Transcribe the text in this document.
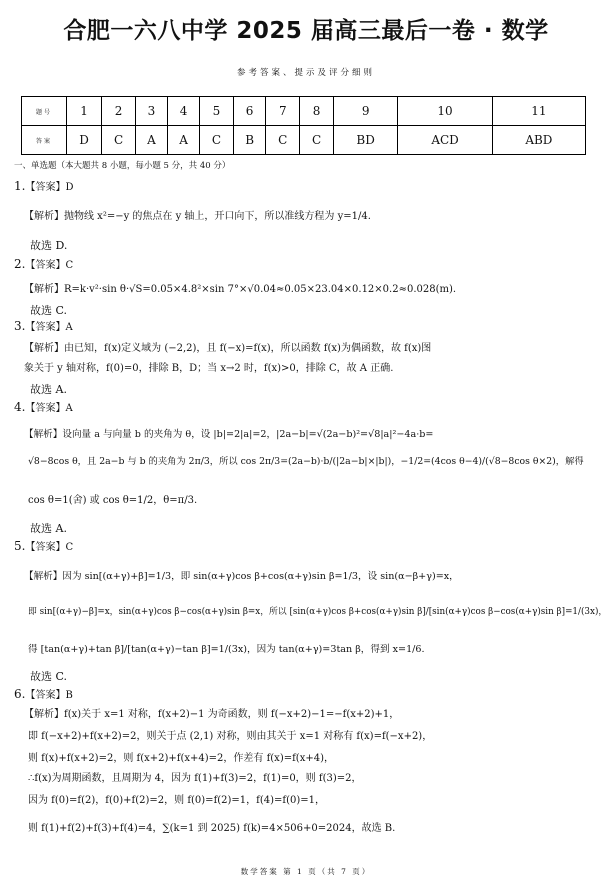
合肥一六八中学 2025 届高三最后一卷 · 数学
参考答案、提示及评分细则
题号	1	2	3	4	5	6	7	8	9	10	11
答案	D	C	A	A	C	B	C	C	BD	ACD	ABD
一、单选题（本大题共 8 小题，每小题 5 分，共 40 分）
1.【答案】D
【解析】抛物线 x²=−y 的焦点在 y 轴上，开口向下，所以准线方程为 y=1/4.
故选 D.
2.【答案】C
【解析】R=k·v²·sin θ·√S=0.05×4.8²×sin 7°×√0.04≈0.05×23.04×0.12×0.2≈0.028(m).
故选 C.
3.【答案】A
【解析】由已知，f(x)定义域为 (−2,2)，且 f(−x)=f(x)，所以函数 f(x)为偶函数，故 f(x)图
象关于 y 轴对称，f(0)=0，排除 B，D；当 x→2 时，f(x)>0，排除 C，故 A 正确.
故选 A.
4.【答案】A
【解析】设向量 a 与向量 b 的夹角为 θ，设 |b|=2|a|=2，|2a−b|=√(2a−b)²=√8|a|²−4a·b=
√8−8cos θ，且 2a−b 与 b 的夹角为 2π/3，所以 cos 2π/3=(2a−b)·b/(|2a−b|×|b|)，−1/2=(4cos θ−4)/(√8−8cos θ×2)，解得
cos θ=1(舍) 或 cos θ=1/2，θ=π/3.
故选 A.
5.【答案】C
【解析】因为 sin[(α+γ)+β]=1/3，即 sin(α+γ)cos β+cos(α+γ)sin β=1/3，设 sin(α−β+γ)=x，
即 sin[(α+γ)−β]=x，sin(α+γ)cos β−cos(α+γ)sin β=x，所以 [sin(α+γ)cos β+cos(α+γ)sin β]/[sin(α+γ)cos β−cos(α+γ)sin β]=1/(3x)，
得 [tan(α+γ)+tan β]/[tan(α+γ)−tan β]=1/(3x)，因为 tan(α+γ)=3tan β，得到 x=1/6.
故选 C.
6.【答案】B
【解析】f(x)关于 x=1 对称，f(x+2)−1 为奇函数，则 f(−x+2)−1=−f(x+2)+1，
即 f(−x+2)+f(x+2)=2，则关于点 (2,1) 对称，则由其关于 x=1 对称有 f(x)=f(−x+2)，
则 f(x)+f(x+2)=2，则 f(x+2)+f(x+4)=2，作差有 f(x)=f(x+4)，
∴f(x)为周期函数，且周期为 4，因为 f(1)+f(3)=2，f(1)=0，则 f(3)=2，
因为 f(0)=f(2)，f(0)+f(2)=2，则 f(0)=f(2)=1，f(4)=f(0)=1，
则 f(1)+f(2)+f(3)+f(4)=4，∑(k=1 到 2025) f(k)=4×506+0=2024，故选 B.
数学答案 第 1 页（共 7 页）
